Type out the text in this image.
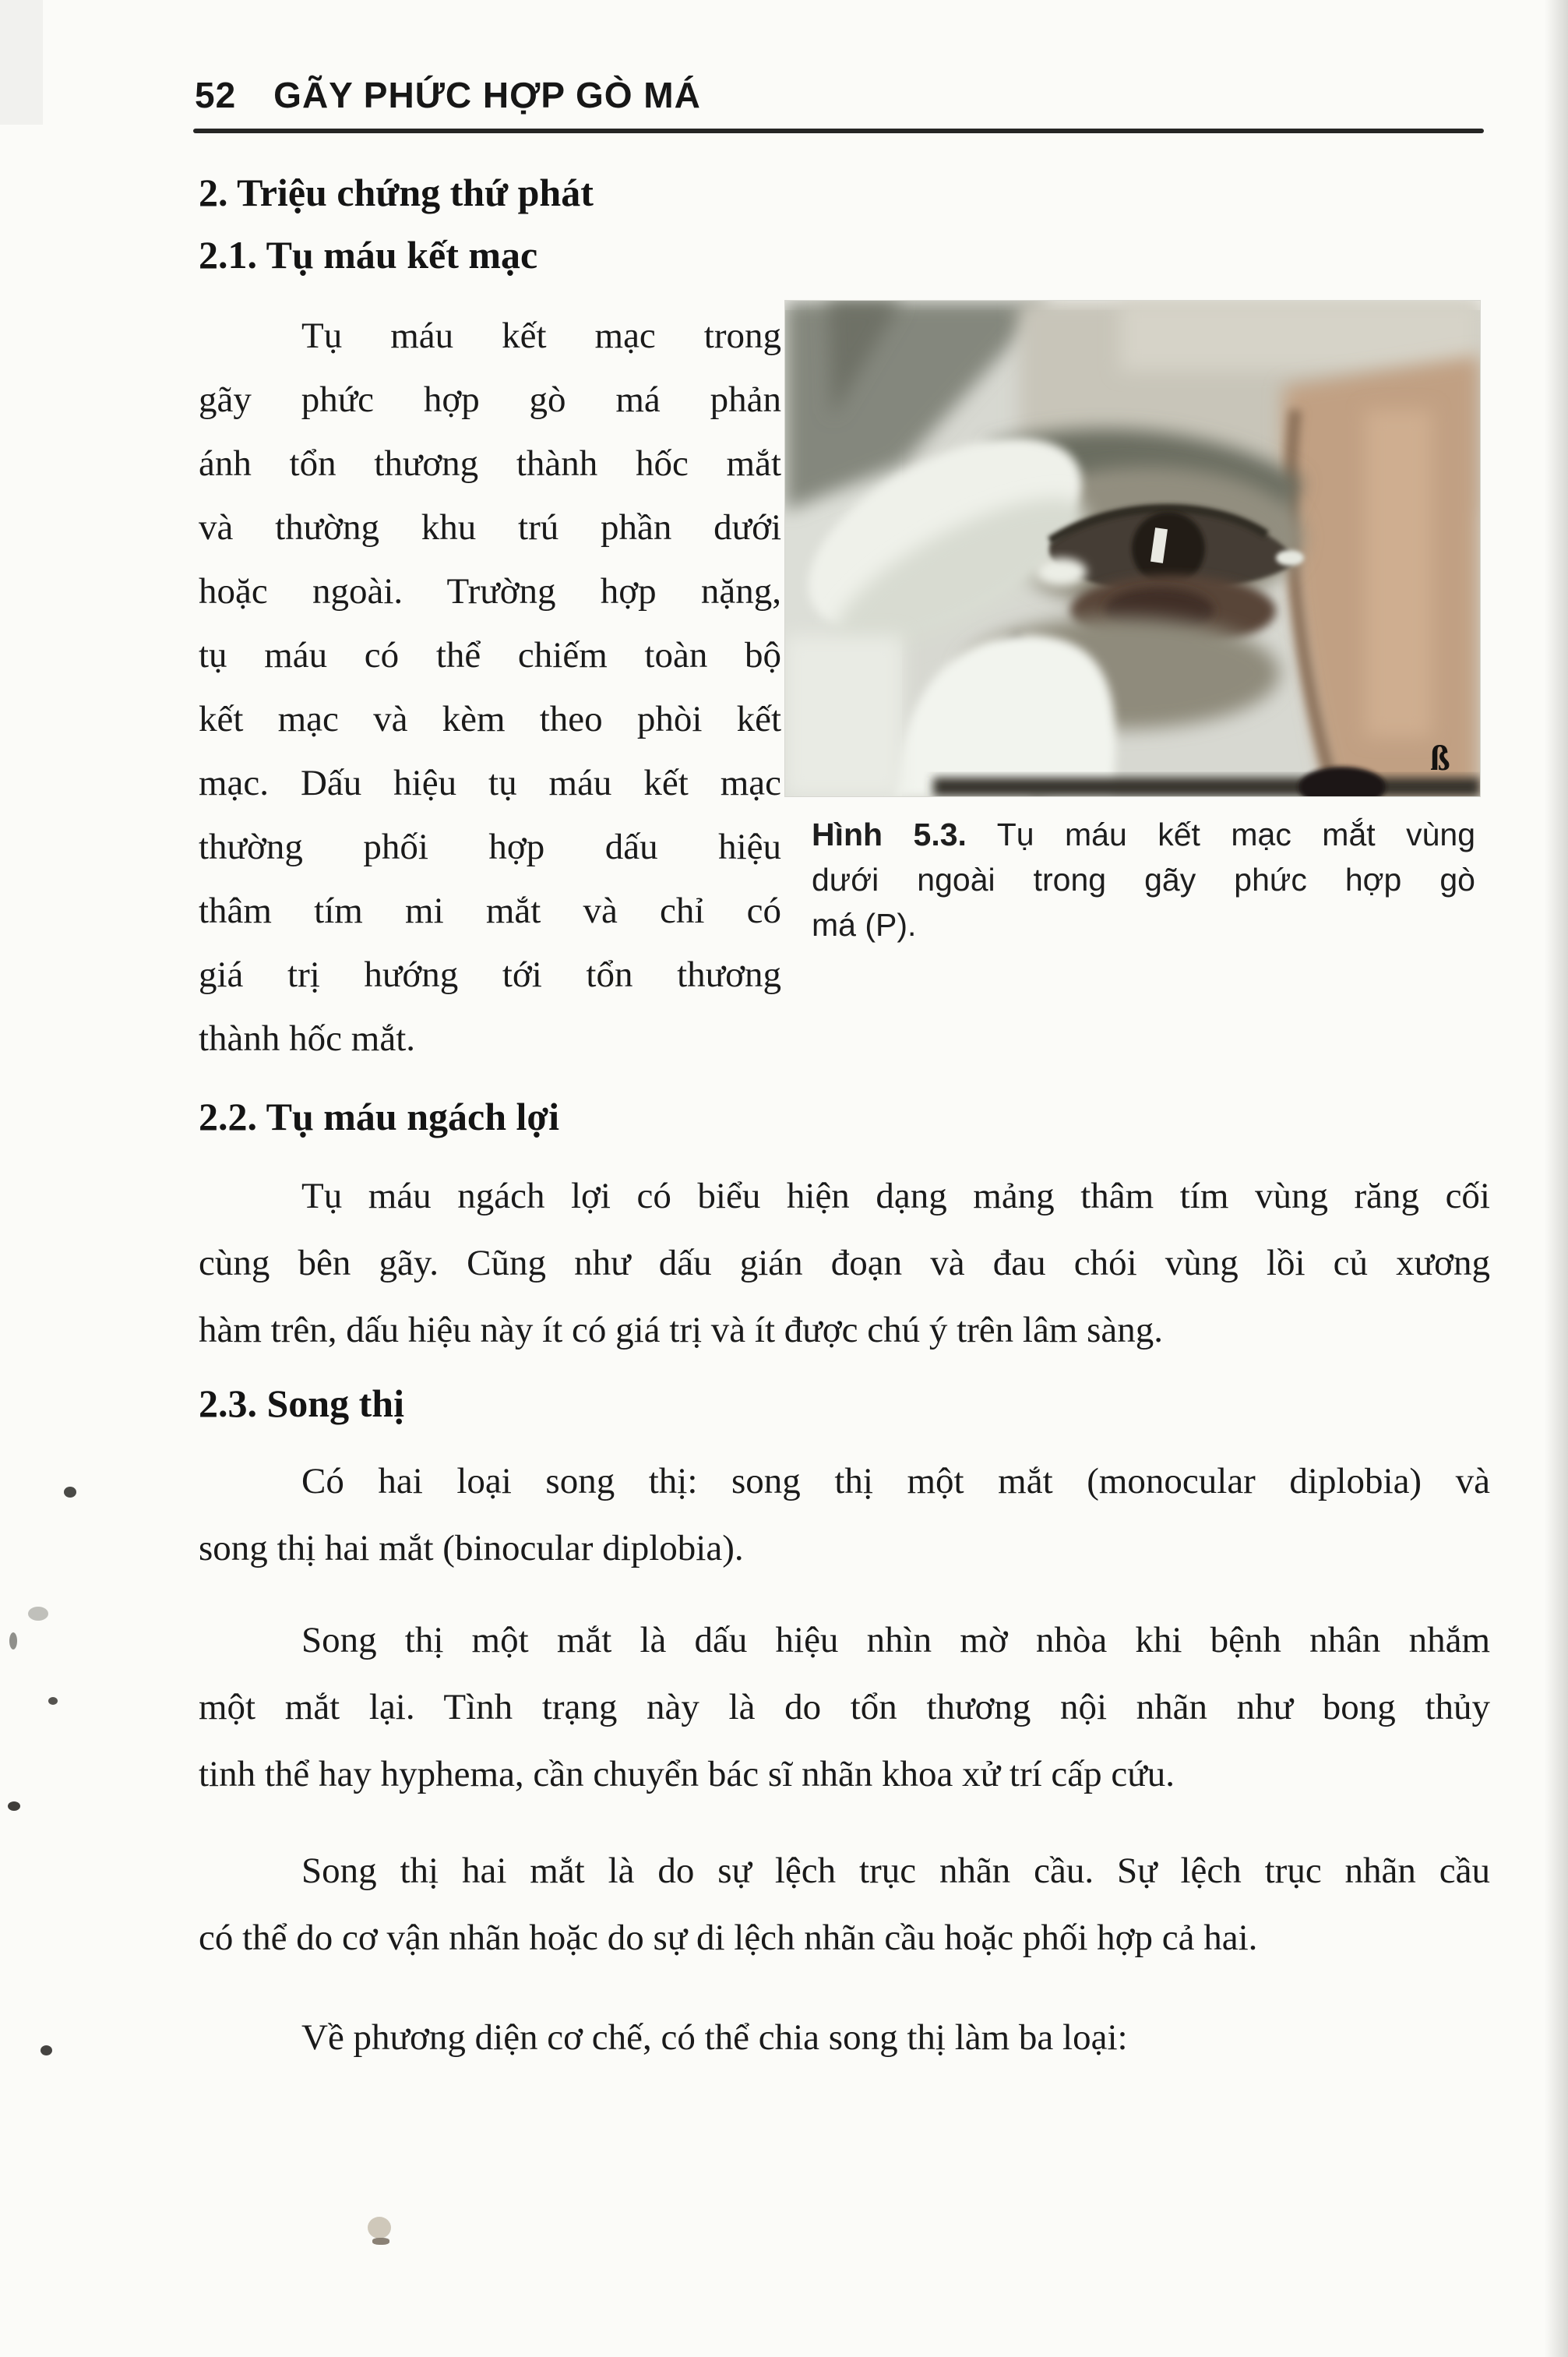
52 GÃY PHỨC HỢP GÒ MÁ
2. Triệu chứng thứ phát
2.1. Tụ máu kết mạc
Tụ máu kết mạc trong
gãy phức hợp gò má phản
ánh tổn thương thành hốc mắt
và thường khu trú phần dưới
hoặc ngoài. Trường hợp nặng,
tụ máu có thể chiếm toàn bộ
kết mạc và kèm theo phòi kết
mạc. Dấu hiệu tụ máu kết mạc
thường phối hợp dấu hiệu
thâm tím mi mắt và chỉ có
giá trị hướng tới tổn thương
thành hốc mắt.
ß
Hình 5.3. Tụ máu kết mạc mắt vùng
dưới ngoài trong gãy phức hợp gò
má (P).
2.2. Tụ máu ngách lợi
Tụ máu ngách lợi có biểu hiện dạng mảng thâm tím vùng răng cối
cùng bên gãy. Cũng như dấu gián đoạn và đau chói vùng lồi củ xương
hàm trên, dấu hiệu này ít có giá trị và ít được chú ý trên lâm sàng.
2.3. Song thị
Có hai loại song thị: song thị một mắt (monocular diplobia) và
song thị hai mắt (binocular diplobia).
Song thị một mắt là dấu hiệu nhìn mờ nhòa khi bệnh nhân nhắm
một mắt lại. Tình trạng này là do tổn thương nội nhãn như bong thủy
tinh thể hay hyphema, cần chuyển bác sĩ nhãn khoa xử trí cấp cứu.
Song thị hai mắt là do sự lệch trục nhãn cầu. Sự lệch trục nhãn cầu
có thể do cơ vận nhãn hoặc do sự di lệch nhãn cầu hoặc phối hợp cả hai.
Về phương diện cơ chế, có thể chia song thị làm ba loại:
